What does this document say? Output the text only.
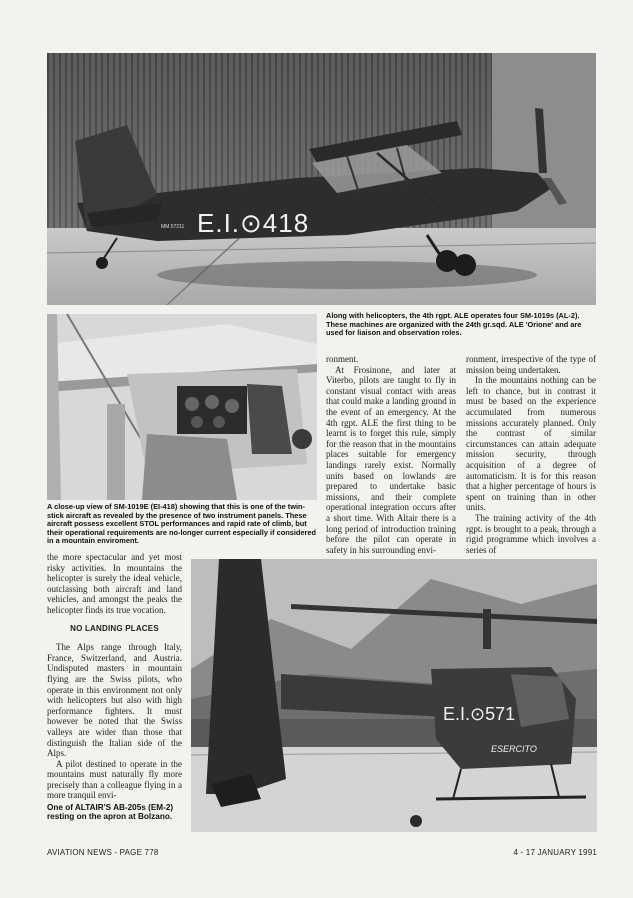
MM.57211 E.I.⊙418
Along with helicopters, the 4th rgpt. ALE operates four SM-1019s (AL-2). These machines are organized with the 24th gr.sqd. ALE 'Orione' and are used for liaison and observation roles.
A close-up view of SM-1019E (EI-418) showing that this is one of the twin-stick aircraft as revealed by the presence of two instrument panels. These aircraft possess excellent STOL performances and rapid rate of climb, but their operational requirements are no-longer current especially if considered in a mountain enviroment.

ronment.

At Frosinone, and later at Viterbo, pilots are taught to fly in constant visual contact with areas that could make a landing ground in the event of an emergency. At the 4th rgpt. ALE the first thing to be learnt is to forget this rule, simply for the reason that in the mountains places suitable for emergency landings rarely exist. Normally units based on lowlands are prepared to undertake basic missions, and their complete operational integration occurs after a short time. With Altair there is a long period of introduction training before the pilot can operate in safety in his surrounding envi-

ronment, irrespective of the type of mission being undertaken.

In the mountains nothing can be left to chance, but in contrast it must be based on the experience accumulated from numerous missions accurately planned. Only the contrast of similar circumstances can attain adequate mission security, through acquisition of a degree of automaticism. It is for this reason that a higher percentage of hours is spent on training than in other units.

The training activity of the 4th rgpt. is brought to a peak, through a rigid programme which involves a series of

the more spectacular and yet most risky activities. In mountains the helicopter is surely the ideal vehicle, outclassing both aircraft and land vehicles, and amongst the peaks the helicopter finds its true vocation.

NO LANDING PLACES

The Alps range through Italy, France, Switzerland, and Austria. Undisputed masters in mountain flying are the Swiss pilots, who operate in this environment not only with helicopters but also with high performance fighters. It must however be noted that the Swiss valleys are wider than those that distinguish the Italian side of the Alps.

A pilot destined to operate in the mountains must naturally fly more precisely than a colleague flying in a more tranquil envi-

One of ALTAIR'S AB-205s (EM-2) resting on the apron at Bolzano.
E.I.⊙571
ESERCITO
AVIATION NEWS - PAGE 778	4 - 17 JANUARY 1991
